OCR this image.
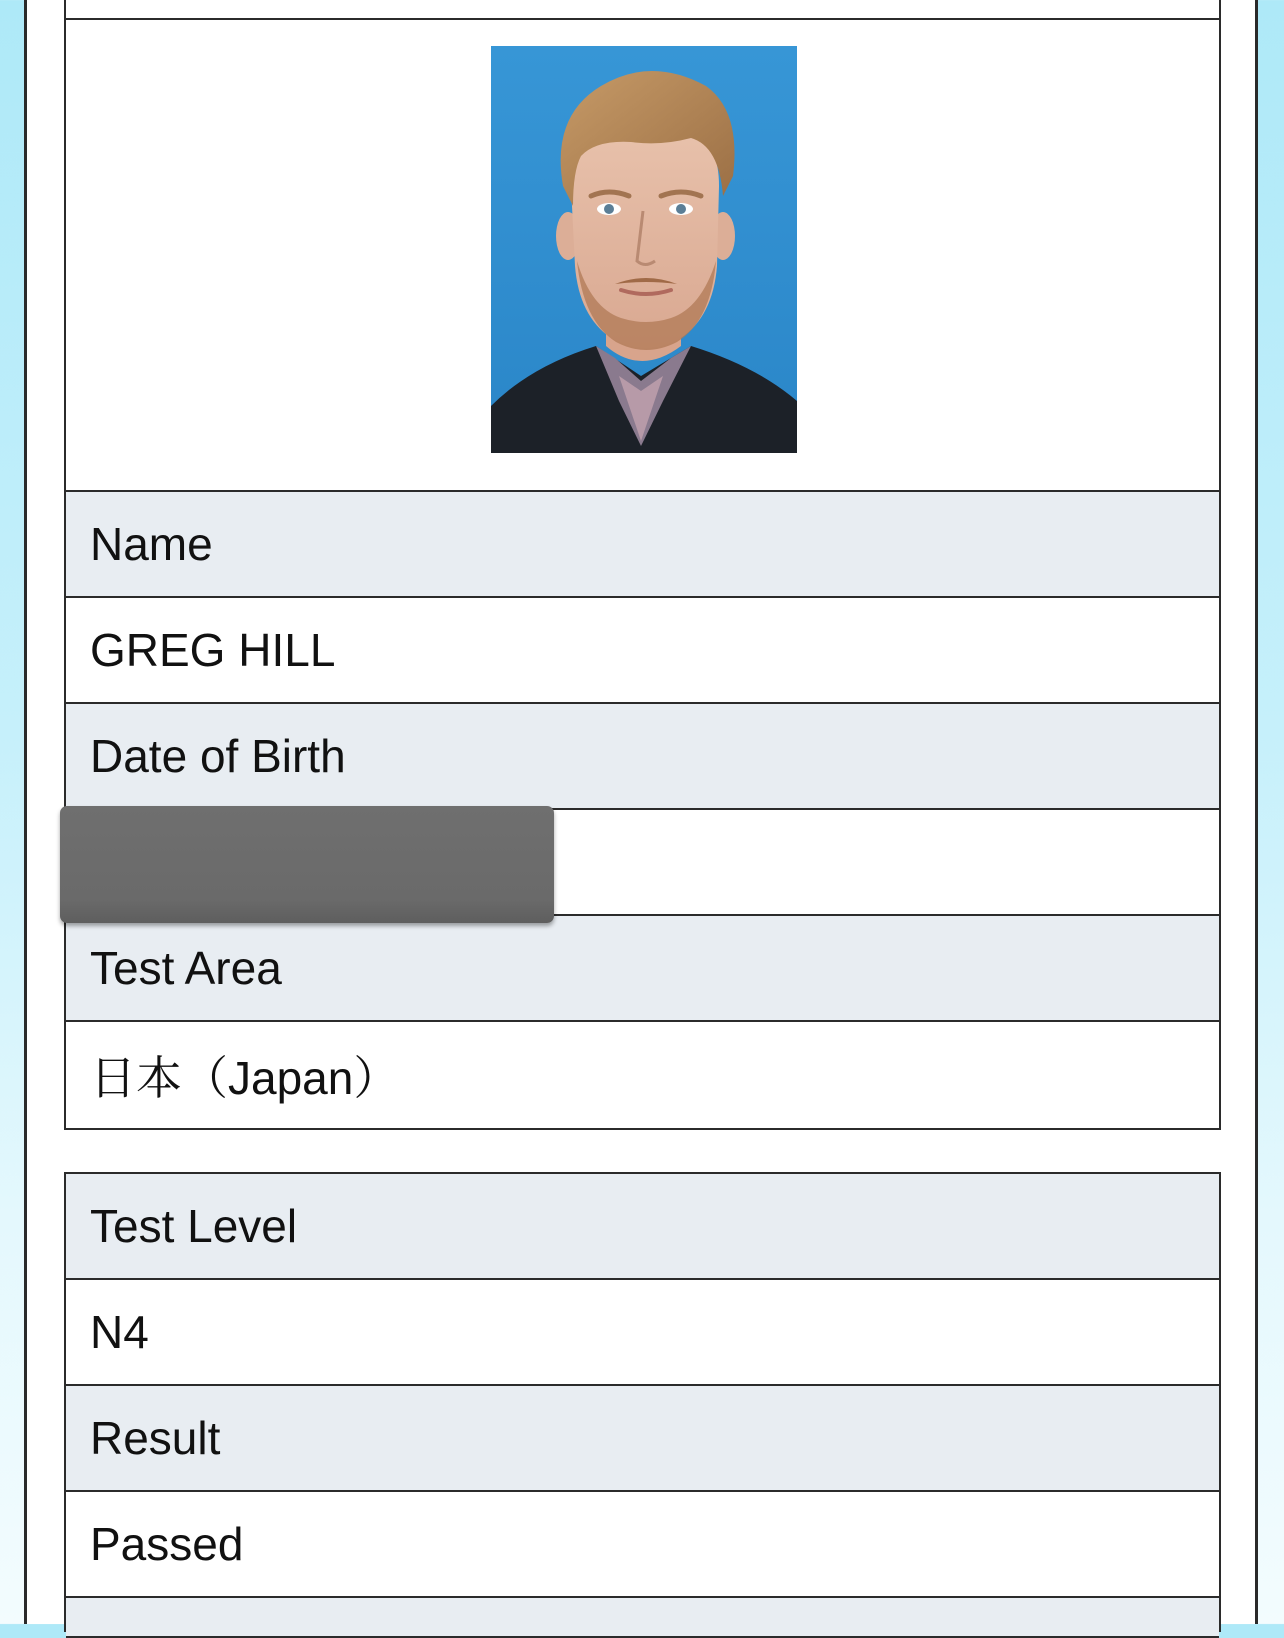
Name
GREG HILL
Date of Birth
Test Area
日本（Japan）
Test Level
N4
Result
Passed
